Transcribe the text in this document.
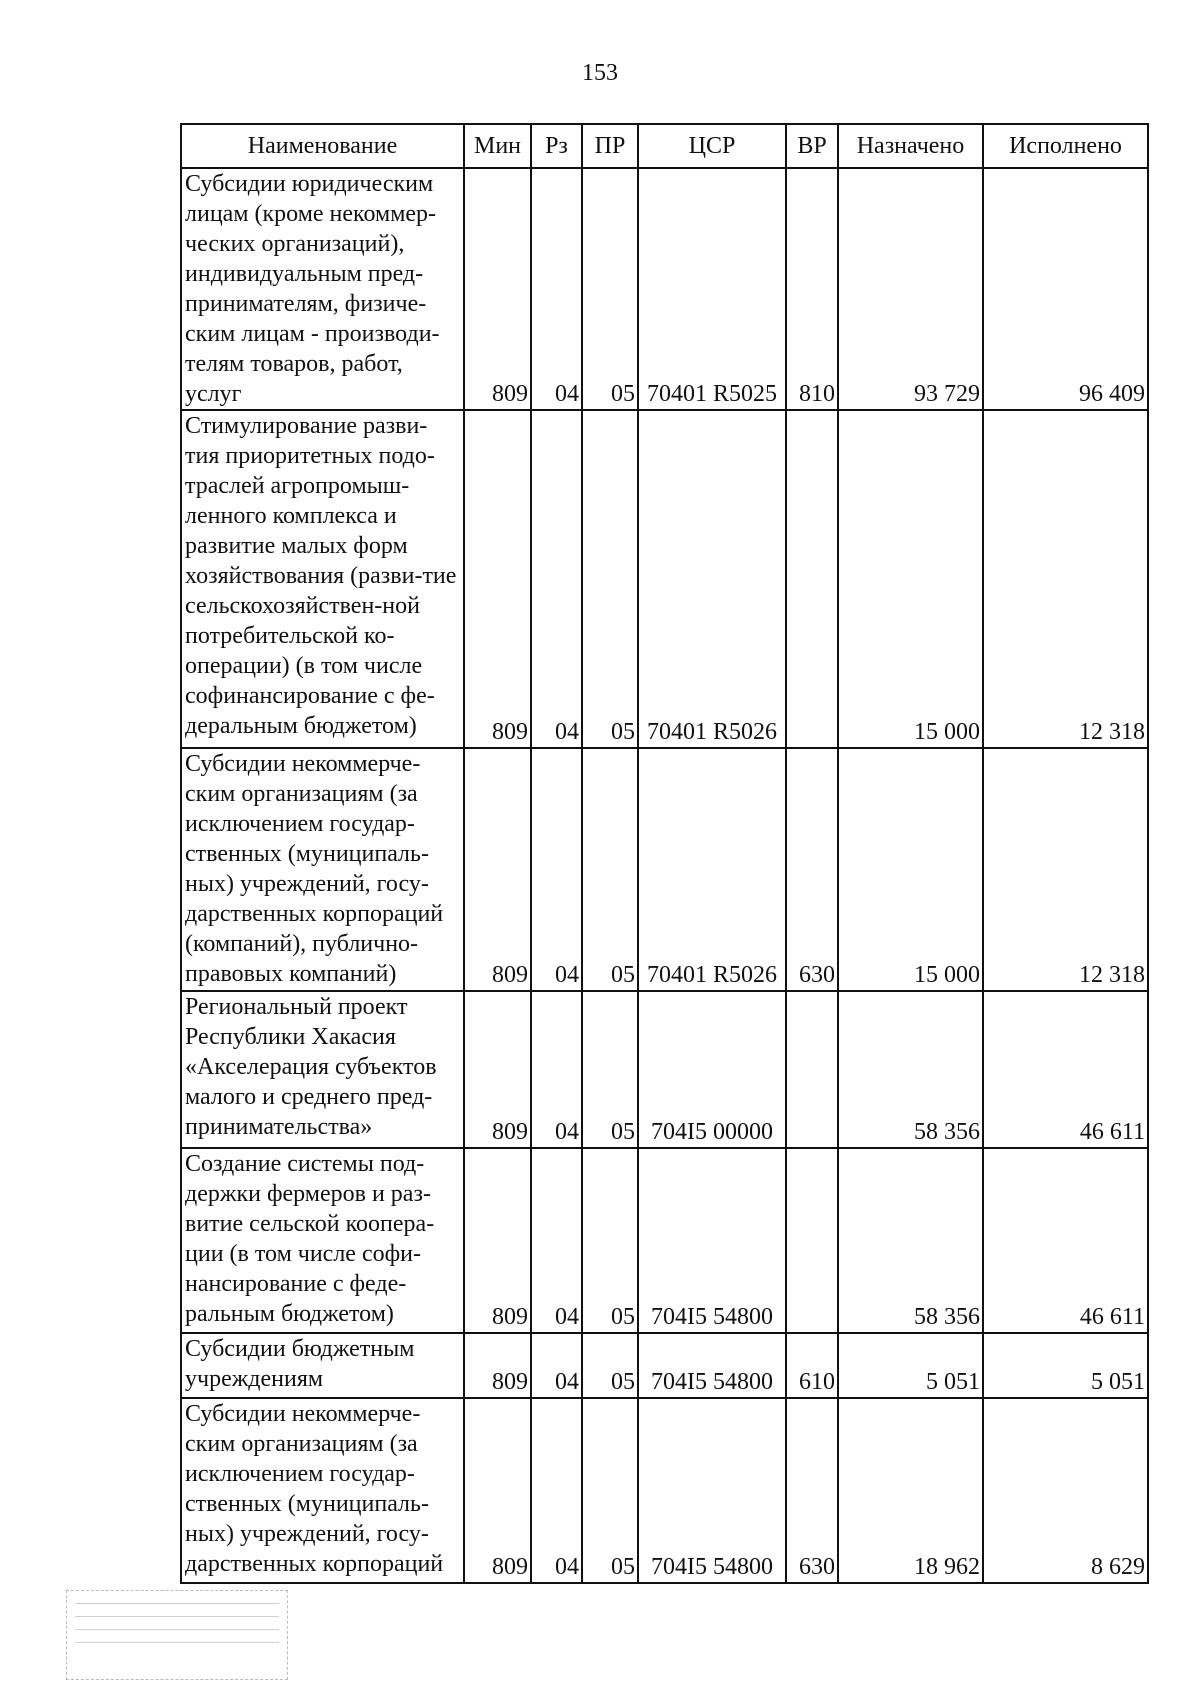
153
Наименование	Мин	Рз	ПР	ЦСР	ВР	Назначено	Исполнено
Субсидии юридическим лицам (кроме некоммер-ческих организаций), индивидуальным пред-принимателям, физиче-ским лицам - производи-телям товаров, работ, услуг	809	04	05	70401 R5025	810	93 729	96 409
Стимулирование разви-тия приоритетных подо-траслей агропромыш-ленного комплекса и развитие малых форм хозяйствования (разви-тие сельскохозяйствен-ной потребительской ко-операции) (в том числе софинансирование с фе-деральным бюджетом)	809	04	05	70401 R5026		15 000	12 318
Субсидии некоммерче-ским организациям (за исключением государ-ственных (муниципаль-ных) учреждений, госу-дарственных корпораций (компаний), публично-правовых компаний)	809	04	05	70401 R5026	630	15 000	12 318
Региональный проект Республики Хакасия «Акселерация субъектов малого и среднего пред-принимательства»	809	04	05	704I5 00000		58 356	46 611
Создание системы под-держки фермеров и раз-витие сельской коопера-ции (в том числе софи-нансирование с феде-ральным бюджетом)	809	04	05	704I5 54800		58 356	46 611
Субсидии бюджетным учреждениям	809	04	05	704I5 54800	610	5 051	5 051
Субсидии некоммерче-ским организациям (за исключением государ-ственных (муниципаль-ных) учреждений, госу-дарственных корпораций	809	04	05	704I5 54800	630	18 962	8 629
